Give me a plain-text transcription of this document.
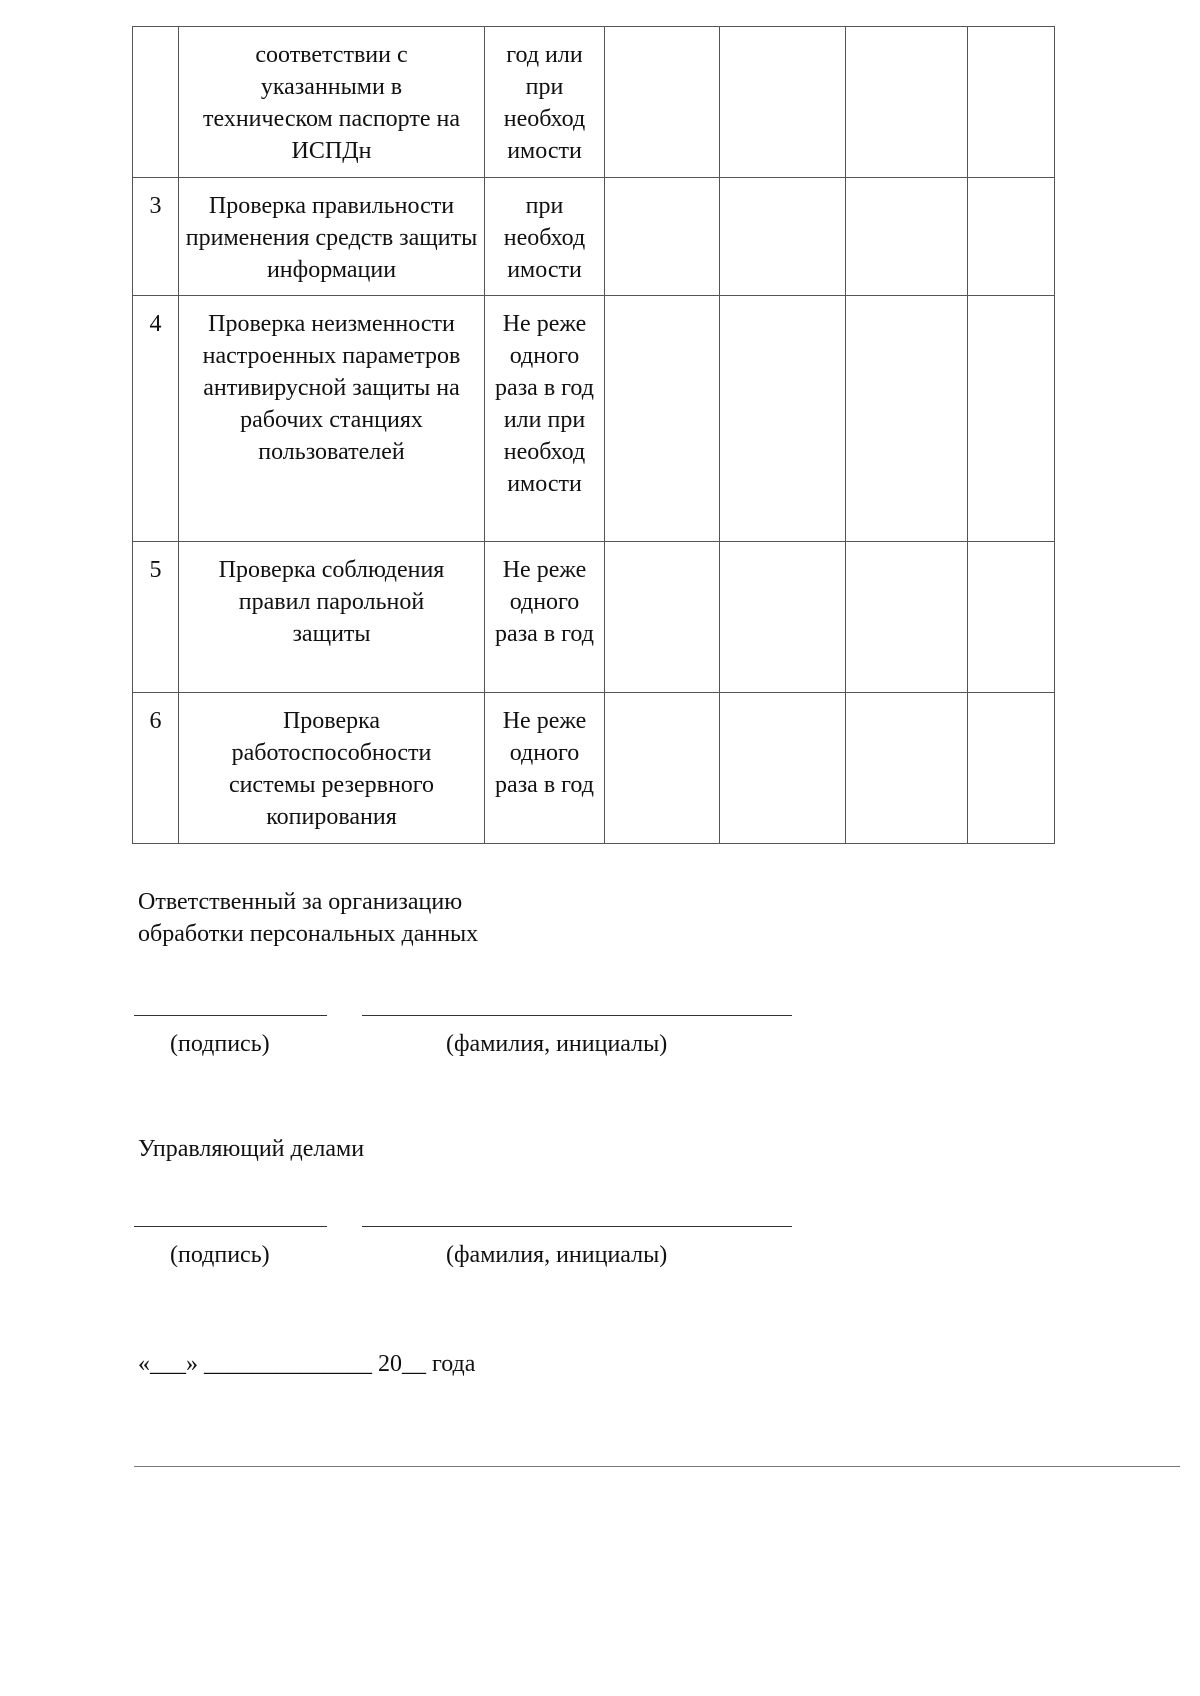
	соответствии с указанными в техническом паспорте на ИСПДн	год или при необход имости				

3	Проверка правильности применения средств защиты информации	при необход имости				

4	Проверка неизменности настроенных параметров антивирусной защиты на рабочих станциях пользователей	Не реже одного раза в год или при необход имости				

5	Проверка соблюдения правил парольной защиты	Не реже одного раза в год				

6	Проверка работоспособности системы резервного копирования	Не реже одного раза в год				

Ответственный за организацию
обработки персональных данных
(подпись)	(фамилия, инициалы)
Управляющий делами
(подпись)	(фамилия, инициалы)
«___» ______________ 20__ года
